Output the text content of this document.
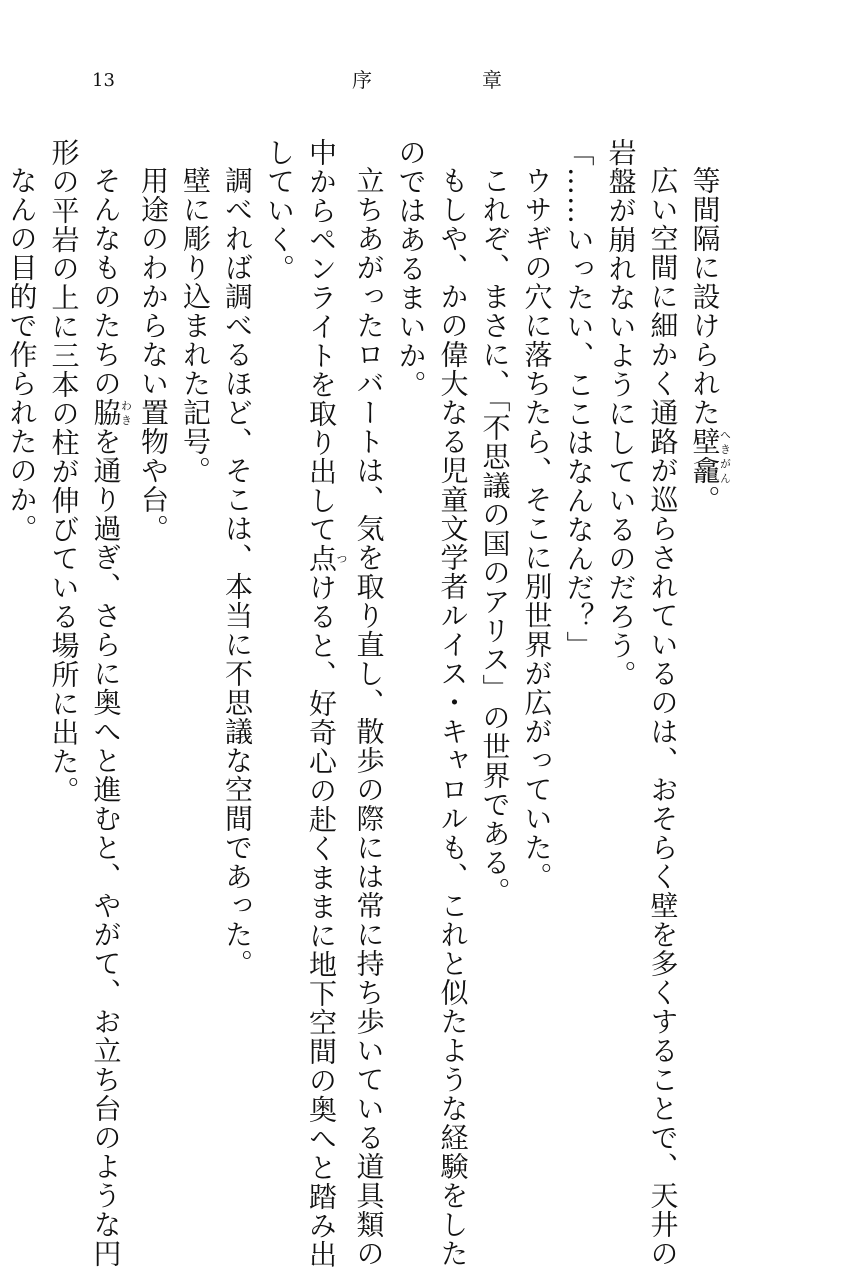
13	序	章

等間隔に設けられた壁龕へきがん。

広い空間に細かく通路が巡らされているのは、おそらく壁を多くすることで、天井の

岩盤が崩れないようにしているのだろう。

「……いったい、ここはなんなんだ？」

ウサギの穴に落ちたら、そこに別世界が広がっていた。

これぞ、まさに、「不思議の国のアリス」の世界である。

もしや、かの偉大なる児童文学者ルイス・キャロルも、これと似たような経験をした

のではあるまいか。

立ちあがったロバートは、気を取り直し、散歩の際には常に持ち歩いている道具類の

中からペンライトを取り出して点つけると、好奇心の赴くままに地下空間の奥へと踏み出

していく。

調べれば調べるほど、そこは、本当に不思議な空間であった。

壁に彫り込まれた記号。

用途のわからない置物や台。

そんなものたちの脇わきを通り過ぎ、さらに奥へと進むと、やがて、お立ち台のような円

形の平岩の上に三本の柱が伸びている場所に出た。

なんの目的で作られたのか。
